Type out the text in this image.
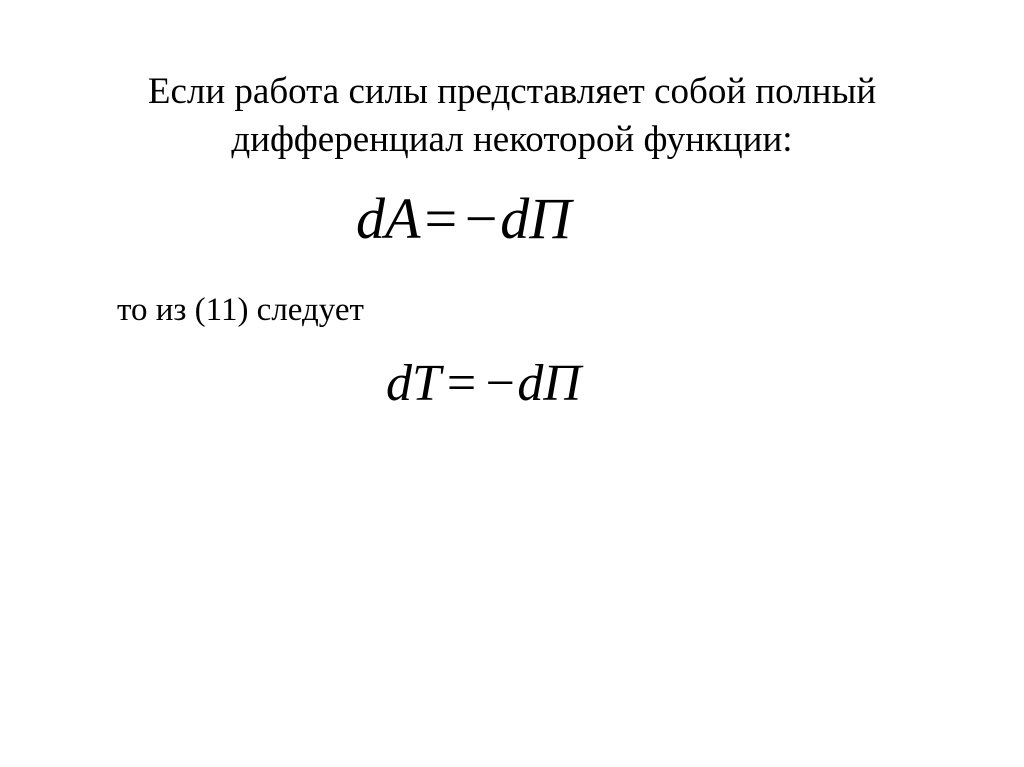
Если работа силы представляет собой полный
дифференциал некоторой функции:
dA=−dП
то из (11) следует
dT = −dП
